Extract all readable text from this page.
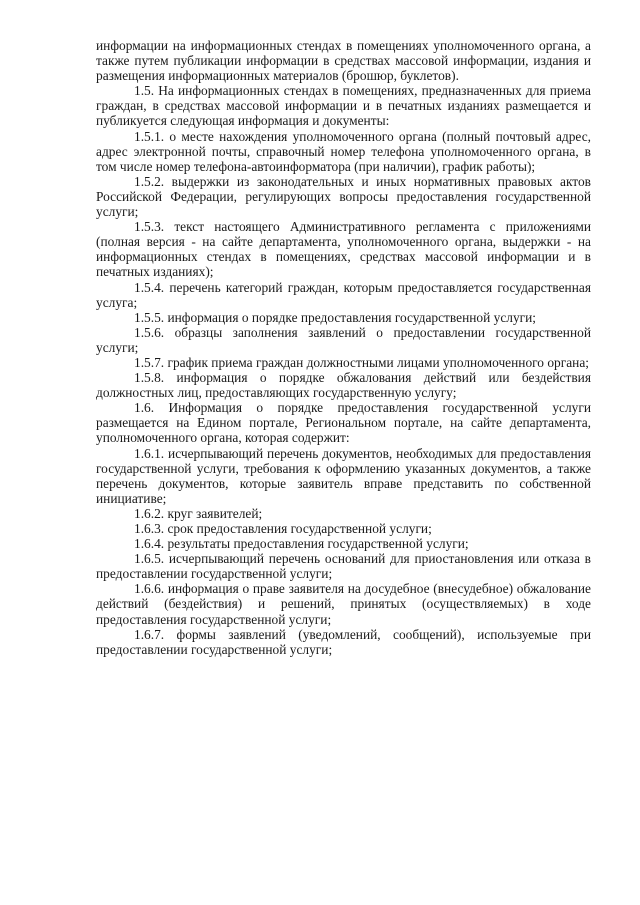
информации на информационных стендах в помещениях уполномоченного органа, а также путем публикации информации в средствах массовой информации, издания и размещения информационных материалов (брошюр, буклетов).

1.5. На информационных стендах в помещениях, предназначенных для приема граждан, в средствах массовой информации и в печатных изданиях размещается и публикуется следующая информация и документы:

1.5.1. о месте нахождения уполномоченного органа (полный почтовый адрес, адрес электронной почты, справочный номер телефона уполномоченного органа, в том числе номер телефона-автоинформатора (при наличии), график работы);

1.5.2. выдержки из законодательных и иных нормативных правовых актов Российской Федерации, регулирующих вопросы предоставления государственной услуги;

1.5.3. текст настоящего Административного регламента с приложениями (полная версия - на сайте департамента, уполномоченного органа, выдержки - на информационных стендах в помещениях, средствах массовой информации и в печатных изданиях);

1.5.4. перечень категорий граждан, которым предоставляется государственная услуга;

1.5.5. информация о порядке предоставления государственной услуги;

1.5.6. образцы заполнения заявлений о предоставлении государственной услуги;

1.5.7. график приема граждан должностными лицами уполномоченного органа;

1.5.8. информация о порядке обжалования действий или бездействия должностных лиц, предоставляющих государственную услугу;

1.6. Информация о порядке предоставления государственной услуги размещается на Едином портале, Региональном портале, на сайте департамента, уполномоченного органа, которая содержит:

1.6.1. исчерпывающий перечень документов, необходимых для предоставления государственной услуги, требования к оформлению указанных документов, а также перечень документов, которые заявитель вправе представить по собственной инициативе;

1.6.2. круг заявителей;

1.6.3. срок предоставления государственной услуги;

1.6.4. результаты предоставления государственной услуги;

1.6.5. исчерпывающий перечень оснований для приостановления или отказа в предоставлении государственной услуги;

1.6.6. информация о праве заявителя на досудебное (внесудебное) обжалование действий (бездействия) и решений, принятых (осуществляемых) в ходе предоставления государственной услуги;

1.6.7. формы заявлений (уведомлений, сообщений), используемые при предоставлении государственной услуги;
